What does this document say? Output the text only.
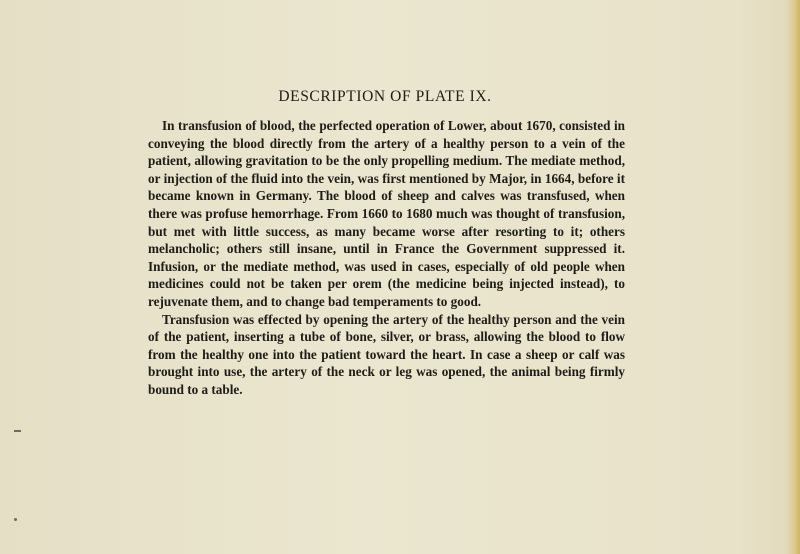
DESCRIPTION OF PLATE IX.

In transfusion of blood, the perfected operation of Lower, about 1670, consisted in conveying the blood directly from the artery of a healthy person to a vein of the patient, allowing gravitation to be the only propelling medium. The mediate method, or injection of the fluid into the vein, was first mentioned by Major, in 1664, before it became known in Germany. The blood of sheep and calves was transfused, when there was profuse hemorrhage. From 1660 to 1680 much was thought of transfusion, but met with little success, as many became worse after resorting to it; others melancholic; others still insane, until in France the Government suppressed it. Infusion, or the mediate method, was used in cases, especially of old people when medicines could not be taken per orem (the medicine being injected instead), to rejuvenate them, and to change bad temperaments to good.

Transfusion was effected by opening the artery of the healthy person and the vein of the patient, inserting a tube of bone, silver, or brass, allowing the blood to flow from the healthy one into the patient toward the heart. In case a sheep or calf was brought into use, the artery of the neck or leg was opened, the animal being firmly bound to a table.
